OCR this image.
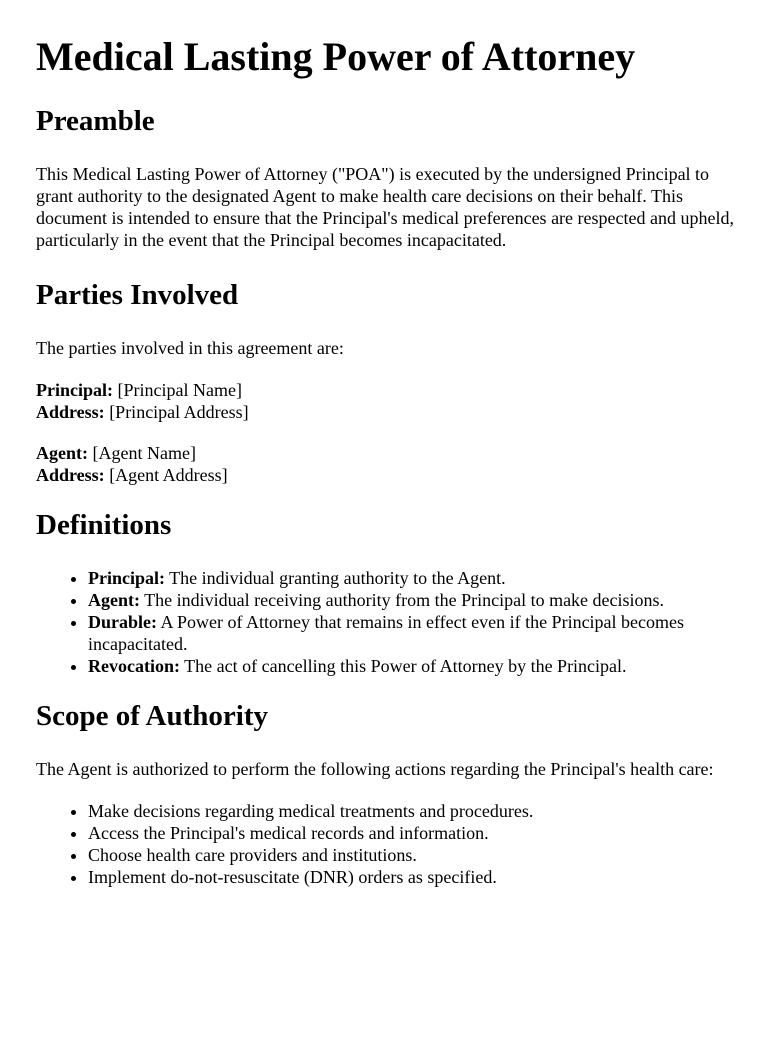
Medical Lasting Power of Attorney
Preamble

This Medical Lasting Power of Attorney ("POA") is executed by the undersigned Principal to grant authority to the designated Agent to make health care decisions on their behalf. This document is intended to ensure that the Principal's medical preferences are respected and upheld, particularly in the event that the Principal becomes incapacitated.

Parties Involved

The parties involved in this agreement are:

Principal: [Principal Name]
Address: [Principal Address]

Agent: [Agent Name]
Address: [Agent Address]

Definitions
• Principal: The individual granting authority to the Agent.
• Agent: The individual receiving authority from the Principal to make decisions.
• Durable: A Power of Attorney that remains in effect even if the Principal becomes incapacitated.
• Revocation: The act of cancelling this Power of Attorney by the Principal.
Scope of Authority

The Agent is authorized to perform the following actions regarding the Principal's health care:

• Make decisions regarding medical treatments and procedures.
• Access the Principal's medical records and information.
• Choose health care providers and institutions.
• Implement do-not-resuscitate (DNR) orders as specified.
